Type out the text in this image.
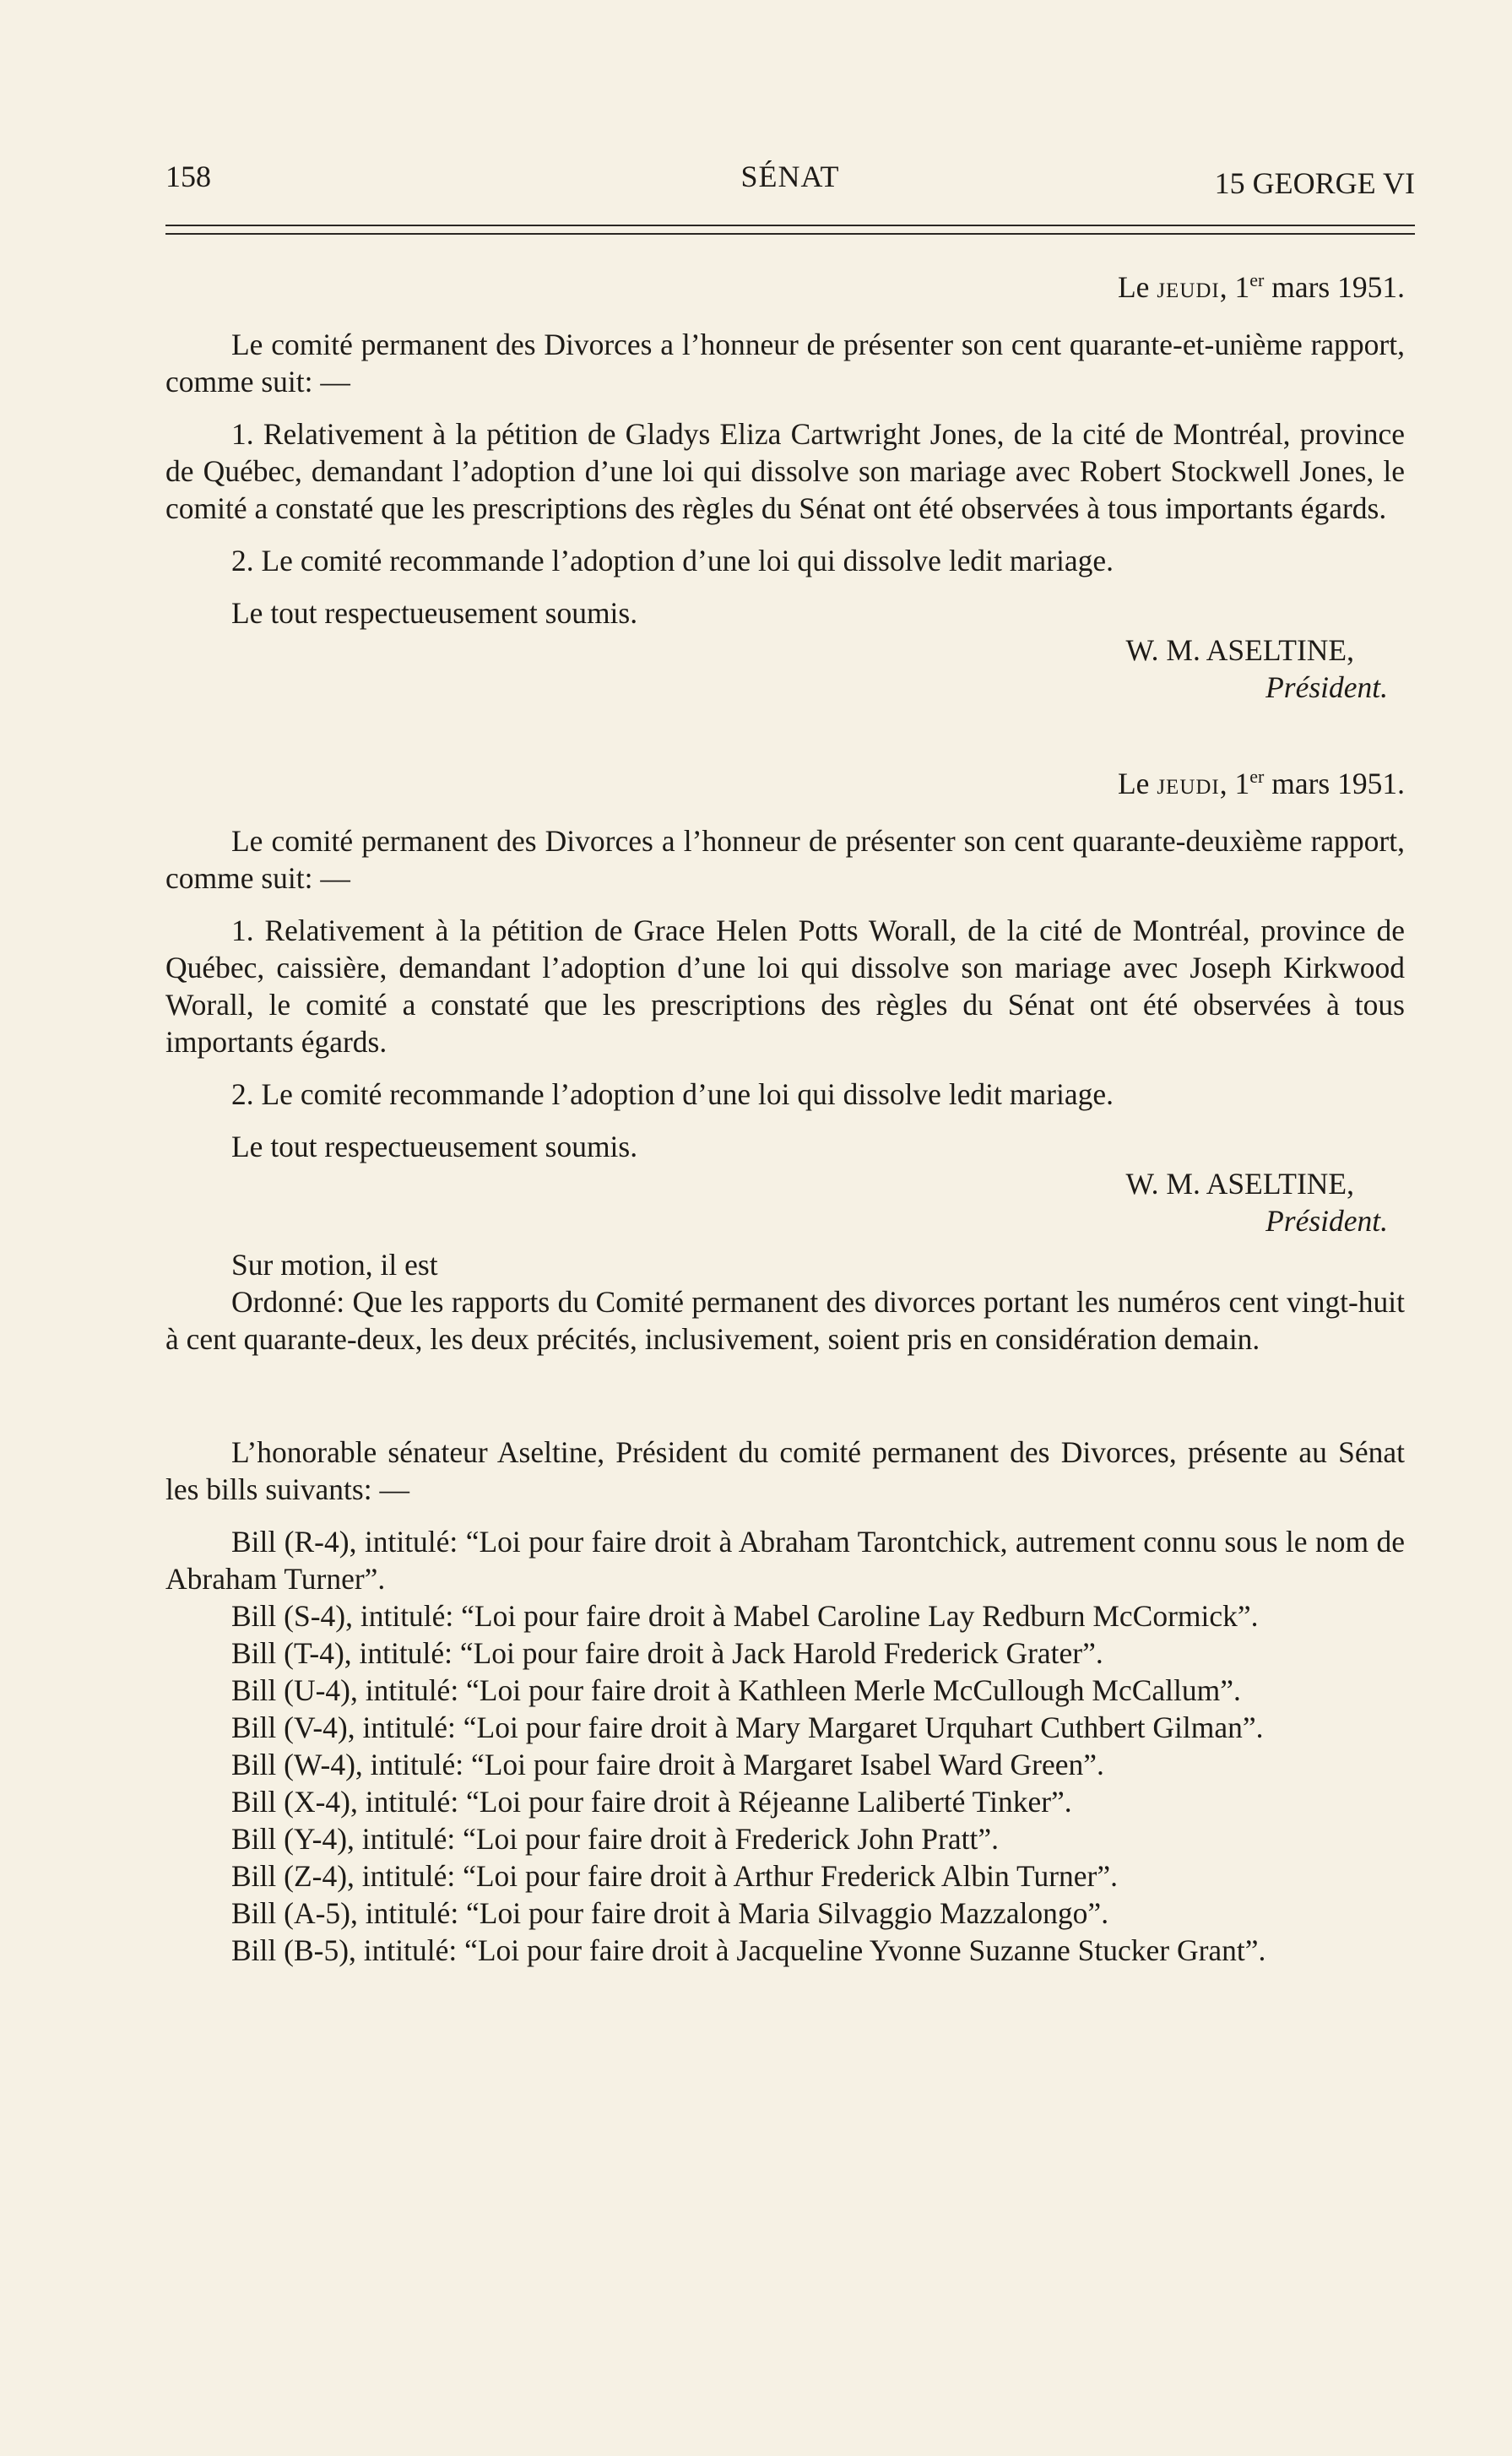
158	SÉNAT	15 GEORGE VI

Le jeudi, 1er mars 1951.

Le comité permanent des Divorces a l’honneur de présenter son cent quarante-et-unième rapport, comme suit: —

1. Relativement à la pétition de Gladys Eliza Cartwright Jones, de la cité de Montréal, province de Québec, demandant l’adoption d’une loi qui dissolve son mariage avec Robert Stockwell Jones, le comité a constaté que les prescriptions des règles du Sénat ont été observées à tous importants égards.

2. Le comité recommande l’adoption d’une loi qui dissolve ledit mariage.

Le tout respectueusement soumis.

W. M. ASELTINE,

Président.

Le jeudi, 1er mars 1951.

Le comité permanent des Divorces a l’honneur de présenter son cent quarante-deuxième rapport, comme suit: —

1. Relativement à la pétition de Grace Helen Potts Worall, de la cité de Montréal, province de Québec, caissière, demandant l’adoption d’une loi qui dissolve son mariage avec Joseph Kirkwood Worall, le comité a constaté que les prescriptions des règles du Sénat ont été observées à tous importants égards.

2. Le comité recommande l’adoption d’une loi qui dissolve ledit mariage.

Le tout respectueusement soumis.

W. M. ASELTINE,

Président.

Sur motion, il est

Ordonné: Que les rapports du Comité permanent des divorces portant les numéros cent vingt-huit à cent quarante-deux, les deux précités, inclusivement, soient pris en considération demain.

L’honorable sénateur Aseltine, Président du comité permanent des Divorces, présente au Sénat les bills suivants: —

Bill (R-4), intitulé: “Loi pour faire droit à Abraham Tarontchick, autrement connu sous le nom de Abraham Turner”.

Bill (S-4), intitulé: “Loi pour faire droit à Mabel Caroline Lay Redburn McCormick”.

Bill (T-4), intitulé: “Loi pour faire droit à Jack Harold Frederick Grater”.

Bill (U-4), intitulé: “Loi pour faire droit à Kathleen Merle McCullough McCallum”.

Bill (V-4), intitulé: “Loi pour faire droit à Mary Margaret Urquhart Cuthbert Gilman”.

Bill (W-4), intitulé: “Loi pour faire droit à Margaret Isabel Ward Green”.

Bill (X-4), intitulé: “Loi pour faire droit à Réjeanne Laliberté Tinker”.

Bill (Y-4), intitulé: “Loi pour faire droit à Frederick John Pratt”.

Bill (Z-4), intitulé: “Loi pour faire droit à Arthur Frederick Albin Turner”.

Bill (A-5), intitulé: “Loi pour faire droit à Maria Silvaggio Mazzalongo”.

Bill (B-5), intitulé: “Loi pour faire droit à Jacqueline Yvonne Suzanne Stucker Grant”.
